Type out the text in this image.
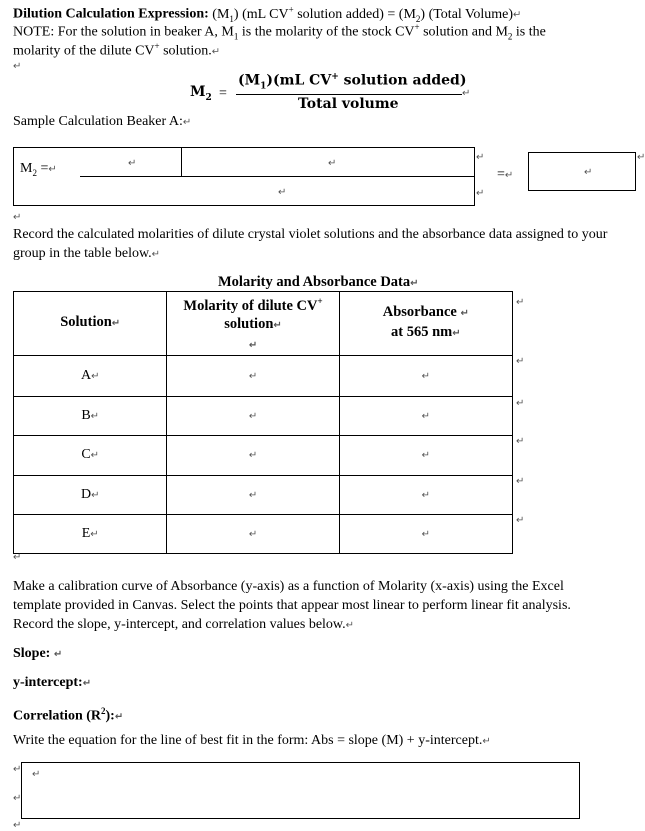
Dilution Calculation Expression: $(M_1)$ (mL CV+ solution added) = $(M_2)$ (Total Volume)↵
NOTE: For the solution in beaker A, $M_1$ is the molarity of the stock CV+ solution and $M_2$ is the
molarity of the dilute CV+ solution.↵
↵
$M_2$ =
$(M_1)(mL$ CV+ solution added)
↵
Total volume
Sample Calculation Beaker A:↵
$M_2$ =↵
↵	↵
↵
↵
↵
=↵	↵
↵
↵
Record the calculated molarities of dilute crystal violet solutions and the absorbance data assigned to your
group in the table below.↵
Molarity and Absorbance Data↵
Solution↵	Molarity of dilute CV+
solution↵
↵	Absorbance ↵
at 565 nm↵
A↵	↵	↵
B↵	↵	↵
C↵	↵	↵
D↵	↵	↵
E↵	↵	↵
↵
↵
↵
↵
↵
↵
↵
Make a calibration curve of Absorbance (y-axis) as a function of Molarity (x-axis) using the Excel
template provided in Canvas. Select the points that appear most linear to perform linear fit analysis.
Record the slope, y-intercept, and correlation values below.↵
Slope: ↵
y-intercept:↵
Correlation $(R^2):↵$
Write the equation for the line of best fit in the form: Abs = slope (M) + y-intercept.↵
↵
↵
↵
↵
